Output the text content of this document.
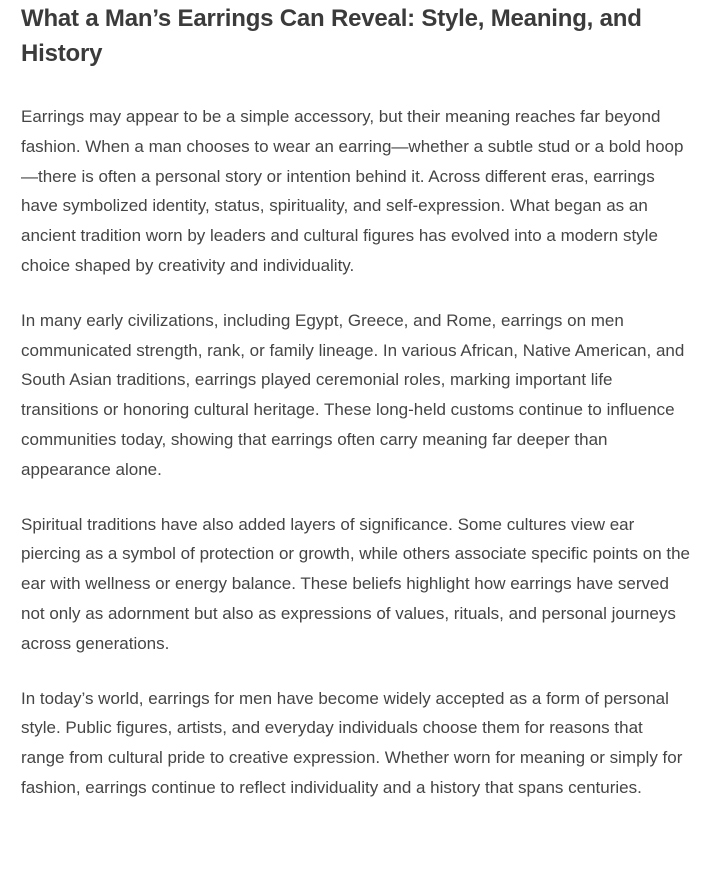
What a Man’s Earrings Can Reveal: Style, Meaning, and History

Earrings may appear to be a simple accessory, but their meaning reaches far beyond fashion. When a man chooses to wear an earring—whether a subtle stud or a bold hoop—there is often a personal story or intention behind it. Across different eras, earrings have symbolized identity, status, spirituality, and self-expression. What began as an ancient tradition worn by leaders and cultural figures has evolved into a modern style choice shaped by creativity and individuality.

In many early civilizations, including Egypt, Greece, and Rome, earrings on men communicated strength, rank, or family lineage. In various African, Native American, and South Asian traditions, earrings played ceremonial roles, marking important life transitions or honoring cultural heritage. These long-held customs continue to influence communities today, showing that earrings often carry meaning far deeper than appearance alone.

Spiritual traditions have also added layers of significance. Some cultures view ear piercing as a symbol of protection or growth, while others associate specific points on the ear with wellness or energy balance. These beliefs highlight how earrings have served not only as adornment but also as expressions of values, rituals, and personal journeys across generations.

In today’s world, earrings for men have become widely accepted as a form of personal style. Public figures, artists, and everyday individuals choose them for reasons that range from cultural pride to creative expression. Whether worn for meaning or simply for fashion, earrings continue to reflect individuality and a history that spans centuries.
